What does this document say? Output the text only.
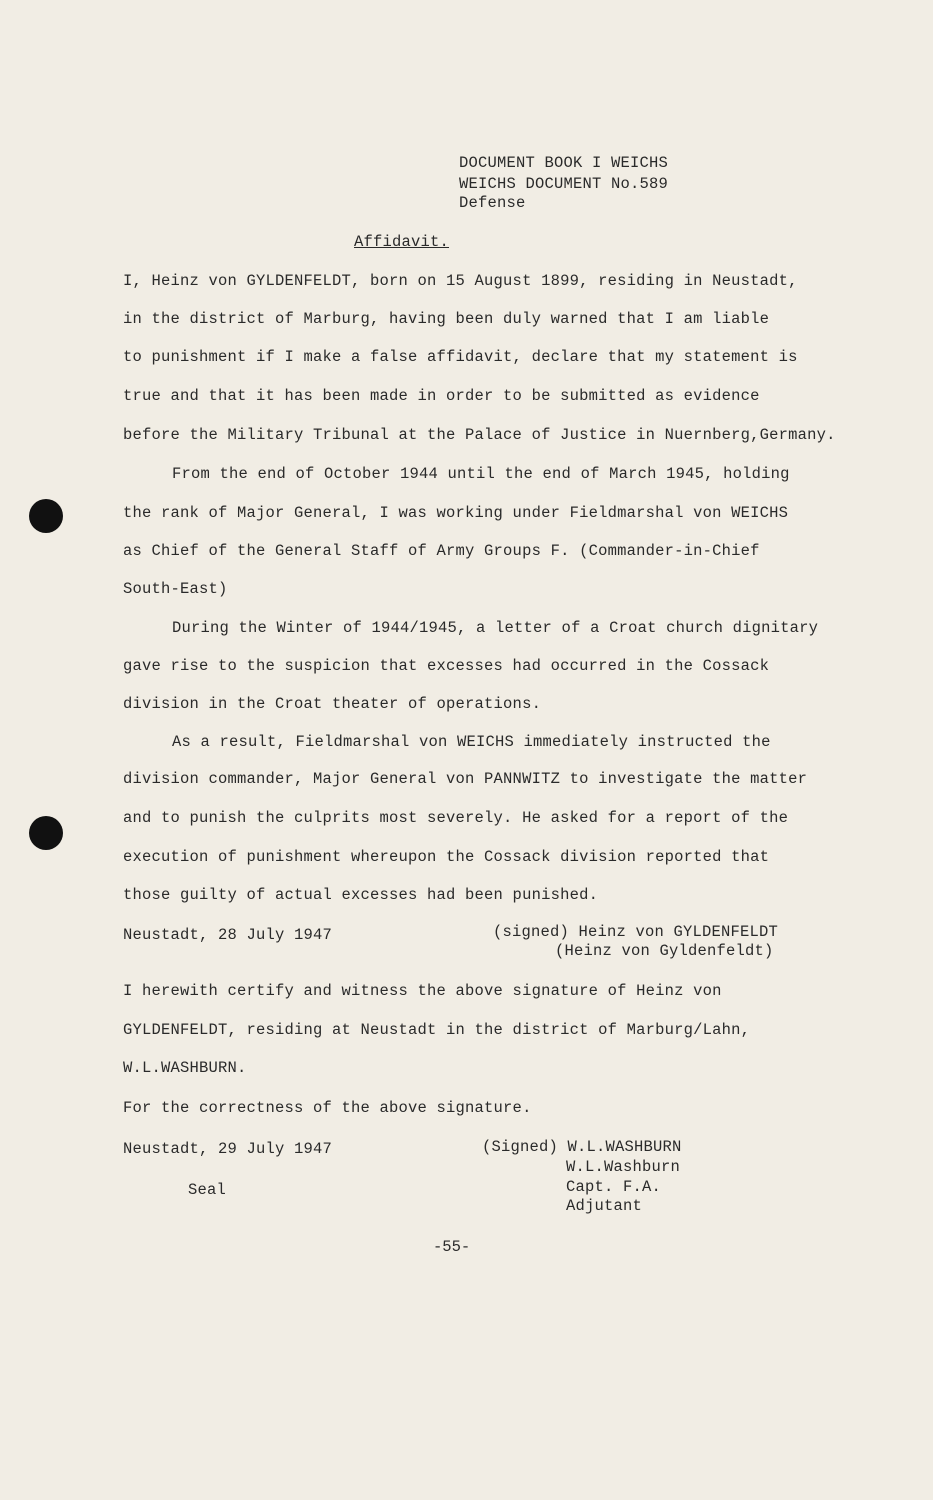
DOCUMENT BOOK I WEICHS
WEICHS DOCUMENT No.589
Defense
Affidavit.
I, Heinz von GYLDENFELDT, born on 15 August 1899, residing in Neustadt,
in the district of Marburg, having been duly warned that I am liable
to punishment if I make a false affidavit, declare that my statement is
true and that it has been made in order to be submitted as evidence
before the Military Tribunal at the Palace of Justice in Nuernberg,Germany.
From the end of October 1944 until the end of March 1945, holding
the rank of Major General, I was working under Fieldmarshal von WEICHS
as Chief of the General Staff of Army Groups F. (Commander-in-Chief
South-East)
During the Winter of 1944/1945, a letter of a Croat church dignitary
gave rise to the suspicion that excesses had occurred in the Cossack
division in the Croat theater of operations.
As a result, Fieldmarshal von WEICHS immediately instructed the
division commander, Major General von PANNWITZ to investigate the matter
and to punish the culprits most severely. He asked for a report of the
execution of punishment whereupon the Cossack division reported that
those guilty of actual excesses had been punished.
Neustadt, 28 July 1947	(signed) Heinz von GYLDENFELDT
(Heinz von Gyldenfeldt)
I herewith certify and witness the above signature of Heinz von
GYLDENFELDT, residing at Neustadt in the district of Marburg/Lahn,
W.L.WASHBURN.
For the correctness of the above signature.
Neustadt, 29 July 1947	(Signed) W.L.WASHBURN
W.L.Washburn
Capt. F.A.
Adjutant
Seal
-55-
